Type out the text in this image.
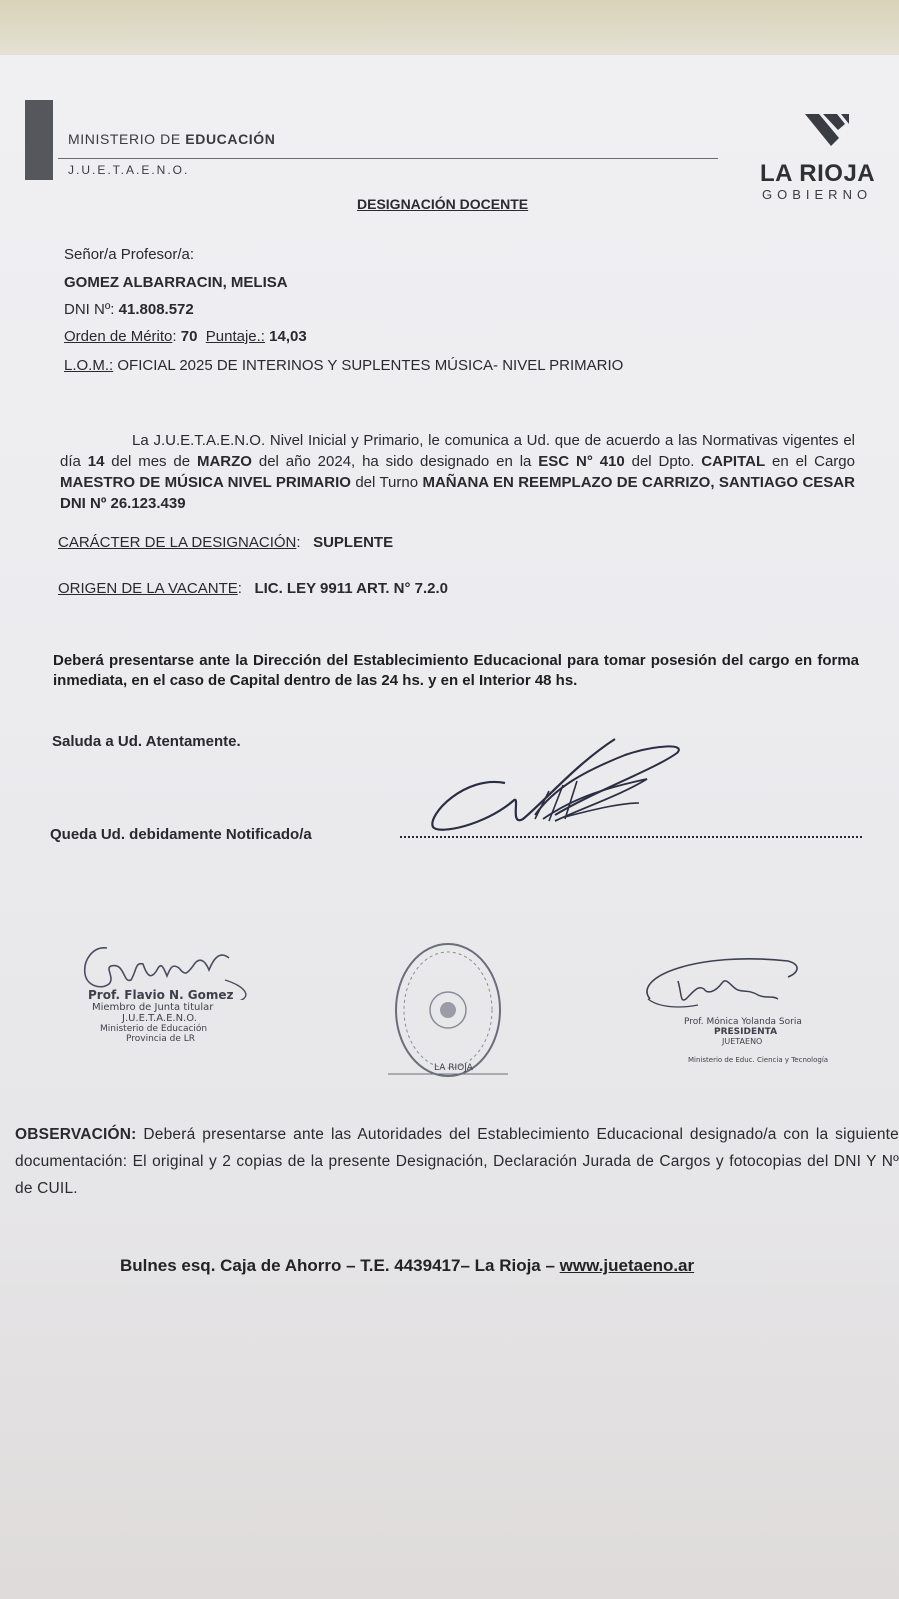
MINISTERIO DE EDUCACIÓN
J.U.E.T.A.E.N.O.	LA RIOJA
GOBIERNO
DESIGNACIÓN DOCENTE
Señor/a Profesor/a:
GOMEZ ALBARRACIN, MELISA
DNI Nº: 41.808.572
Orden de Mérito: 70 Puntaje.: 14,03
L.O.M.: OFICIAL 2025 DE INTERINOS Y SUPLENTES MÚSICA- NIVEL PRIMARIO
La J.U.E.T.A.E.N.O. Nivel Inicial y Primario, le comunica a Ud. que de acuerdo a las Normativas vigentes el día 14 del mes de MARZO del año 2024, ha sido designado en la ESC N° 410 del Dpto. CAPITAL en el Cargo MAESTRO DE MÚSICA NIVEL PRIMARIO del Turno MAÑANA EN REEMPLAZO DE CARRIZO, SANTIAGO CESAR DNI Nº 26.123.439
CARÁCTER DE LA DESIGNACIÓN:   SUPLENTE
ORIGEN DE LA VACANTE:   LIC. LEY 9911 ART. N° 7.2.0
Deberá presentarse ante la Dirección del Establecimiento Educacional para tomar posesión del cargo en forma inmediata, en el caso de Capital dentro de las 24 hs. y en el Interior 48 hs.
Saluda a Ud. Atentamente.
Queda Ud. debidamente Notificado/a
Prof. Flavio N. Gomez
Miembro de Junta titular
J.U.E.T.A.E.N.O.
Ministerio de Educación
Provincia de LR
LA RIOJA
Prof. Mónica Yolanda Soria
PRESIDENTA
JUETAENO
Ministerio de Educ. Ciencia y Tecnología
OBSERVACIÓN: Deberá presentarse ante las Autoridades del Establecimiento Educacional designado/a con la siguiente documentación: El original y 2 copias de la presente Designación, Declaración Jurada de Cargos y fotocopias del DNI Y Nº de CUIL.
Bulnes esq. Caja de Ahorro – T.E. 4439417– La Rioja – www.juetaeno.ar
